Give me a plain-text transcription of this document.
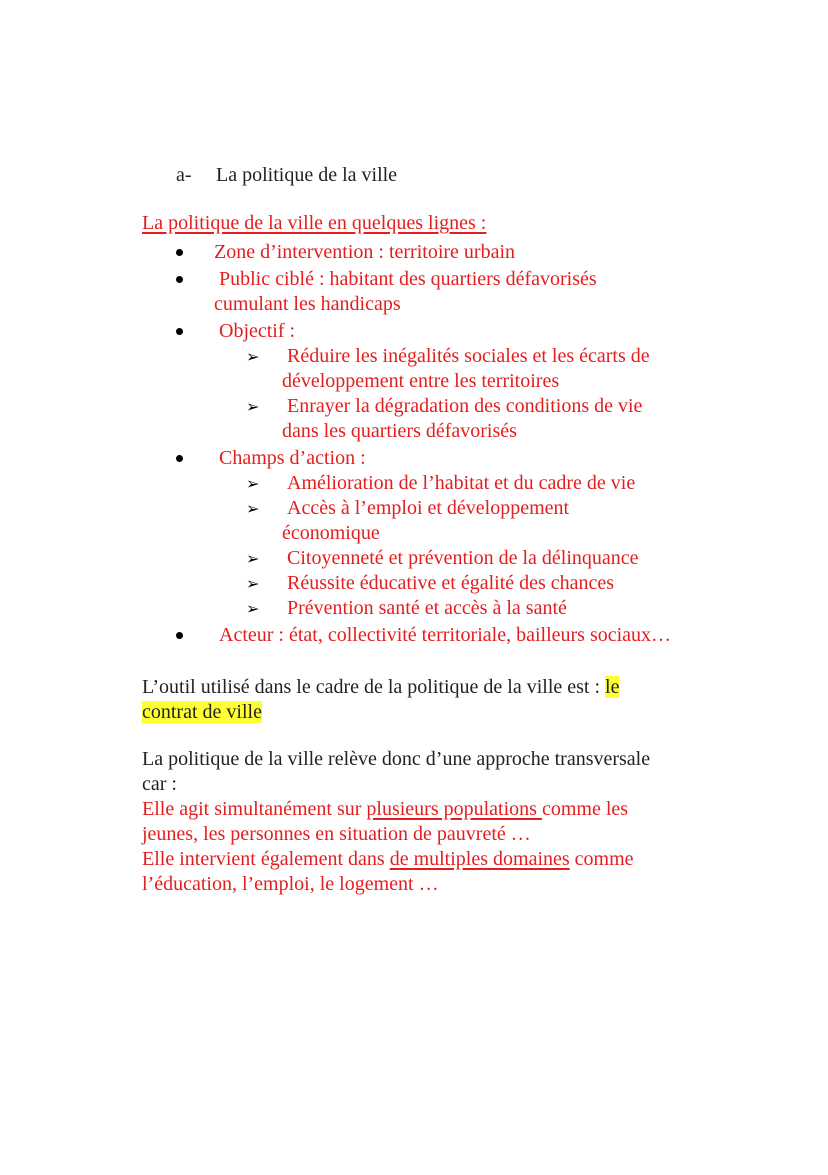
a- La politique de la ville
La politique de la ville en quelques lignes :
Zone d’intervention : territoire urbain
Public ciblé : habitant des quartiers défavorisés
cumulant les handicaps
Objectif :
➢ Réduire les inégalités sociales et les écarts de
développement entre les territoires
➢ Enrayer la dégradation des conditions de vie
dans les quartiers défavorisés
Champs d’action :
➢ Amélioration de l’habitat et du cadre de vie
➢ Accès à l’emploi et développement
économique
➢ Citoyenneté et prévention de la délinquance
➢ Réussite éducative et égalité des chances
➢ Prévention santé et accès à la santé
Acteur : état, collectivité territoriale, bailleurs sociaux…
L’outil utilisé dans le cadre de la politique de la ville est : le
contrat de ville
La politique de la ville relève donc d’une approche transversale
car :
Elle agit simultanément sur plusieurs populations comme les
jeunes, les personnes en situation de pauvreté …
Elle intervient également dans de multiples domaines comme
l’éducation, l’emploi, le logement …
